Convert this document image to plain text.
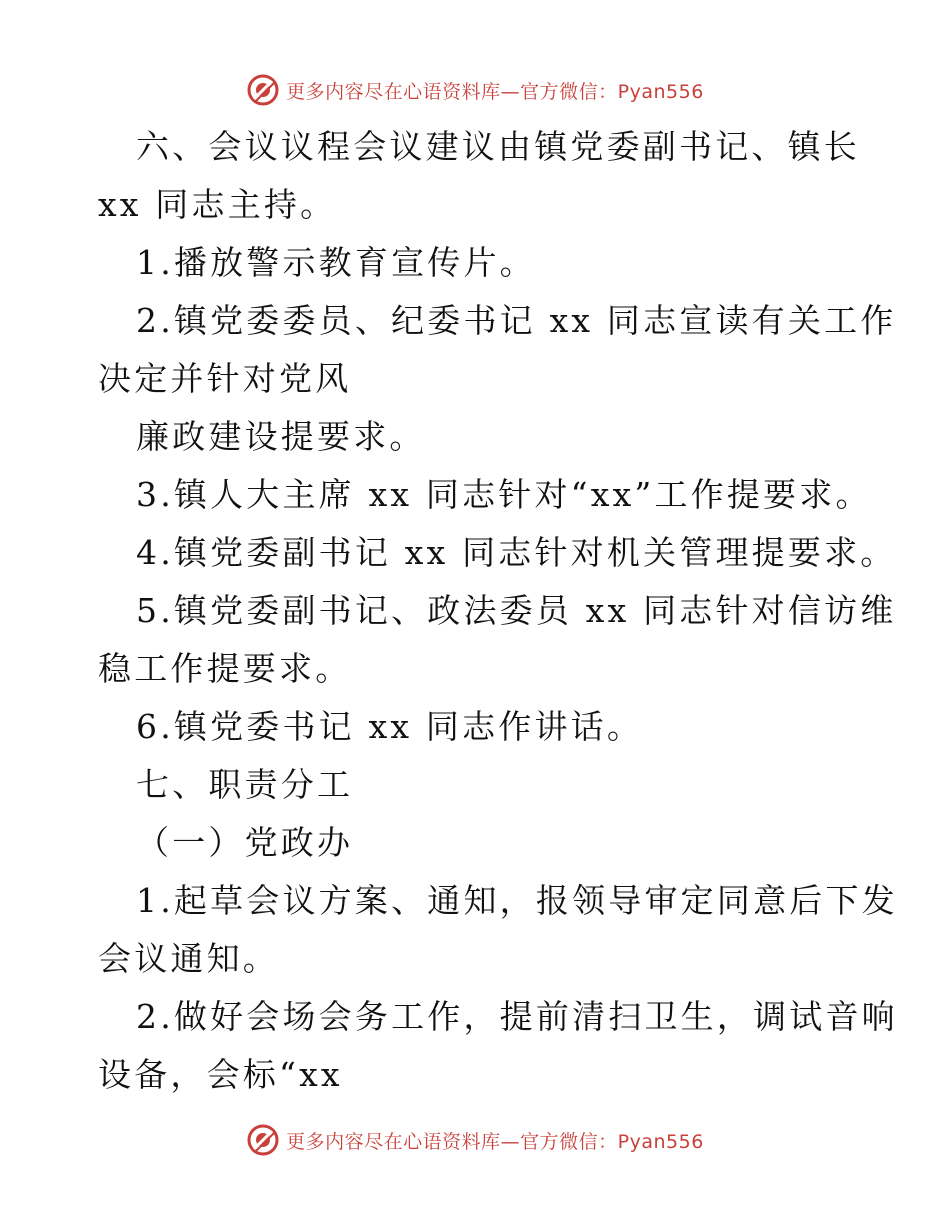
更多内容尽在心语资料库—官方微信：Pyan556
六、会议议程会议建议由镇党委副书记、镇长
xx 同志主持。
1.播放警示教育宣传片。
2.镇党委委员、纪委书记 xx 同志宣读有关工作
决定并针对党风
廉政建设提要求。
3.镇人大主席 xx 同志针对“xx”工作提要求。
4.镇党委副书记 xx 同志针对机关管理提要求。
5.镇党委副书记、政法委员 xx 同志针对信访维
稳工作提要求。
6.镇党委书记 xx 同志作讲话。
七、职责分工
（一）党政办
1.起草会议方案、通知，报领导审定同意后下发
会议通知。
2.做好会场会务工作，提前清扫卫生，调试音响
设备，会标“xx
更多内容尽在心语资料库—官方微信：Pyan556
